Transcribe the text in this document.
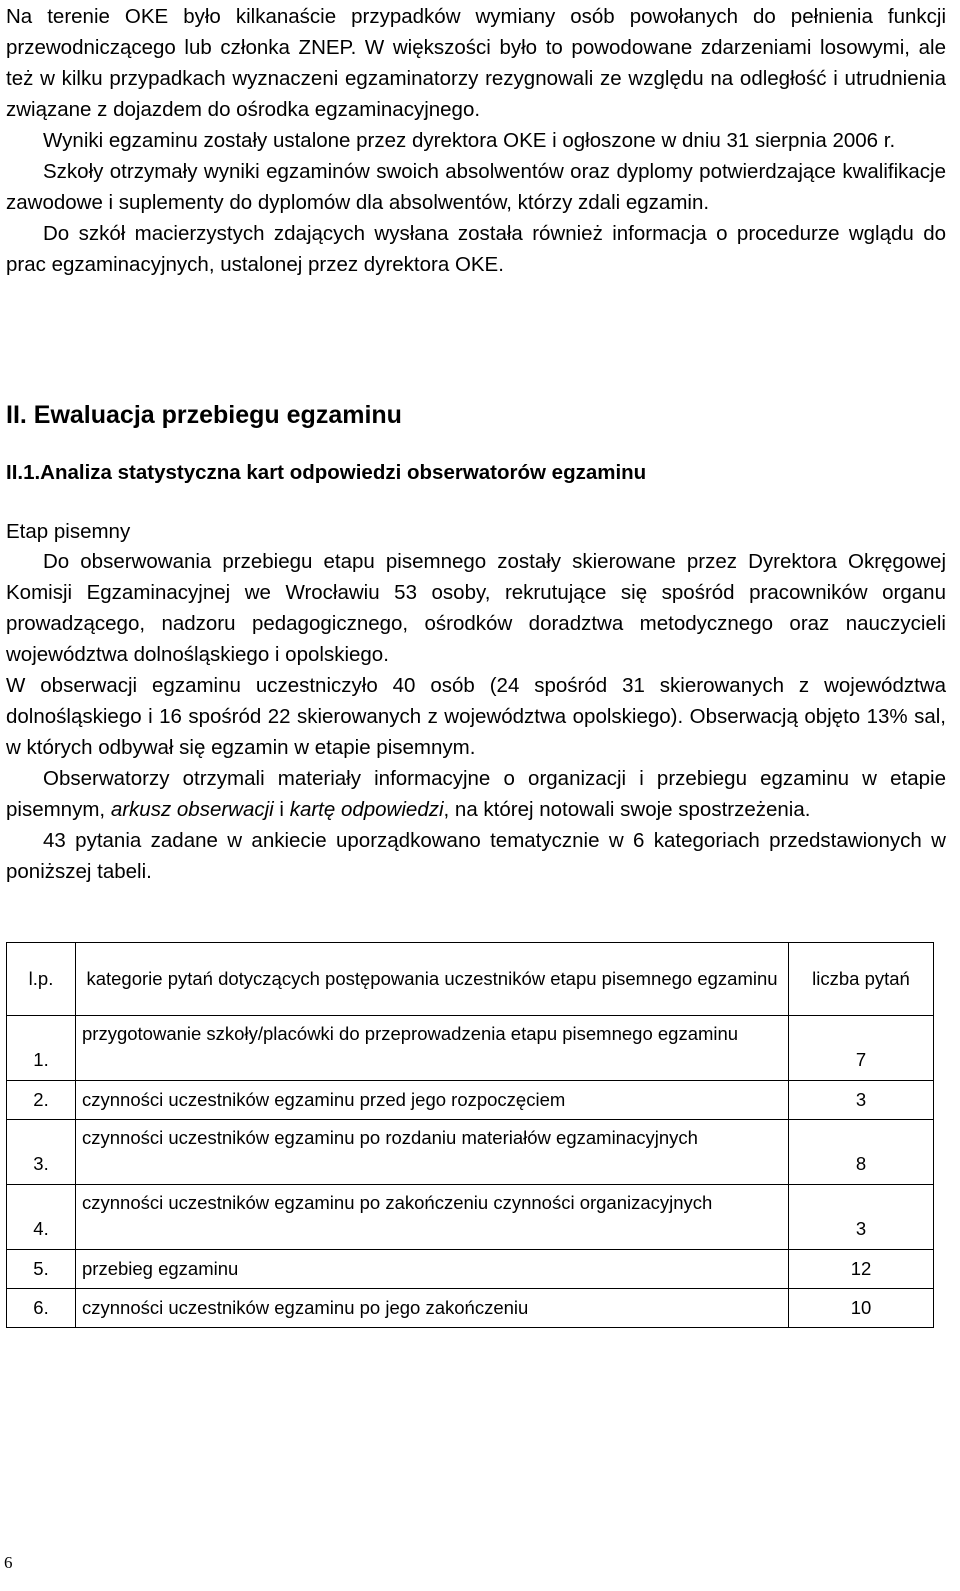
Na terenie OKE było kilkanaście przypadków wymiany osób powołanych do pełnienia funkcji przewodniczącego lub członka ZNEP. W większości było to powodowane zdarzeniami losowymi, ale też w kilku przypadkach wyznaczeni egzaminatorzy rezygnowali ze względu na odległość i utrudnienia związane z dojazdem do ośrodka egzaminacyjnego.

Wyniki egzaminu zostały ustalone przez dyrektora OKE i ogłoszone w dniu 31 sierpnia 2006 r.

Szkoły otrzymały wyniki egzaminów swoich absolwentów oraz dyplomy potwierdzające kwalifikacje zawodowe i suplementy do dyplomów dla absolwentów, którzy zdali egzamin.

Do szkół macierzystych zdających wysłana została również informacja o procedurze wglądu do prac egzaminacyjnych, ustalonej przez dyrektora OKE.

II. Ewaluacja przebiegu egzaminu
II.1.Analiza statystyczna kart odpowiedzi obserwatorów egzaminu
Etap pisemny

Do obserwowania przebiegu etapu pisemnego zostały skierowane przez Dyrektora Okręgowej Komisji Egzaminacyjnej we Wrocławiu 53 osoby, rekrutujące się spośród pracowników organu prowadzącego, nadzoru pedagogicznego, ośrodków doradztwa metodycznego oraz nauczycieli województwa dolnośląskiego i opolskiego.

W obserwacji egzaminu uczestniczyło 40 osób (24 spośród 31 skierowanych z województwa dolnośląskiego i 16 spośród 22 skierowanych z województwa opolskiego). Obserwacją objęto 13% sal, w których odbywał się egzamin w etapie pisemnym.

Obserwatorzy otrzymali materiały informacyjne o organizacji i przebiegu egzaminu w etapie pisemnym, arkusz obserwacji i kartę odpowiedzi, na której notowali swoje spostrzeżenia.

43 pytania zadane w ankiecie uporządkowano tematycznie w 6 kategoriach przedstawionych w poniższej tabeli.

l.p.	kategorie pytań dotyczących postępowania uczestników etapu pisemnego egzaminu	liczba pytań
1.	przygotowanie szkoły/placówki do przeprowadzenia etapu pisemnego egzaminu	7
2.	czynności uczestników egzaminu przed jego rozpoczęciem	3
3.	czynności uczestników egzaminu po rozdaniu materiałów egzaminacyjnych	8
4.	czynności uczestników egzaminu po zakończeniu czynności organizacyjnych	3
5.	przebieg egzaminu	12
6.	czynności uczestników egzaminu po jego zakończeniu	10
6
